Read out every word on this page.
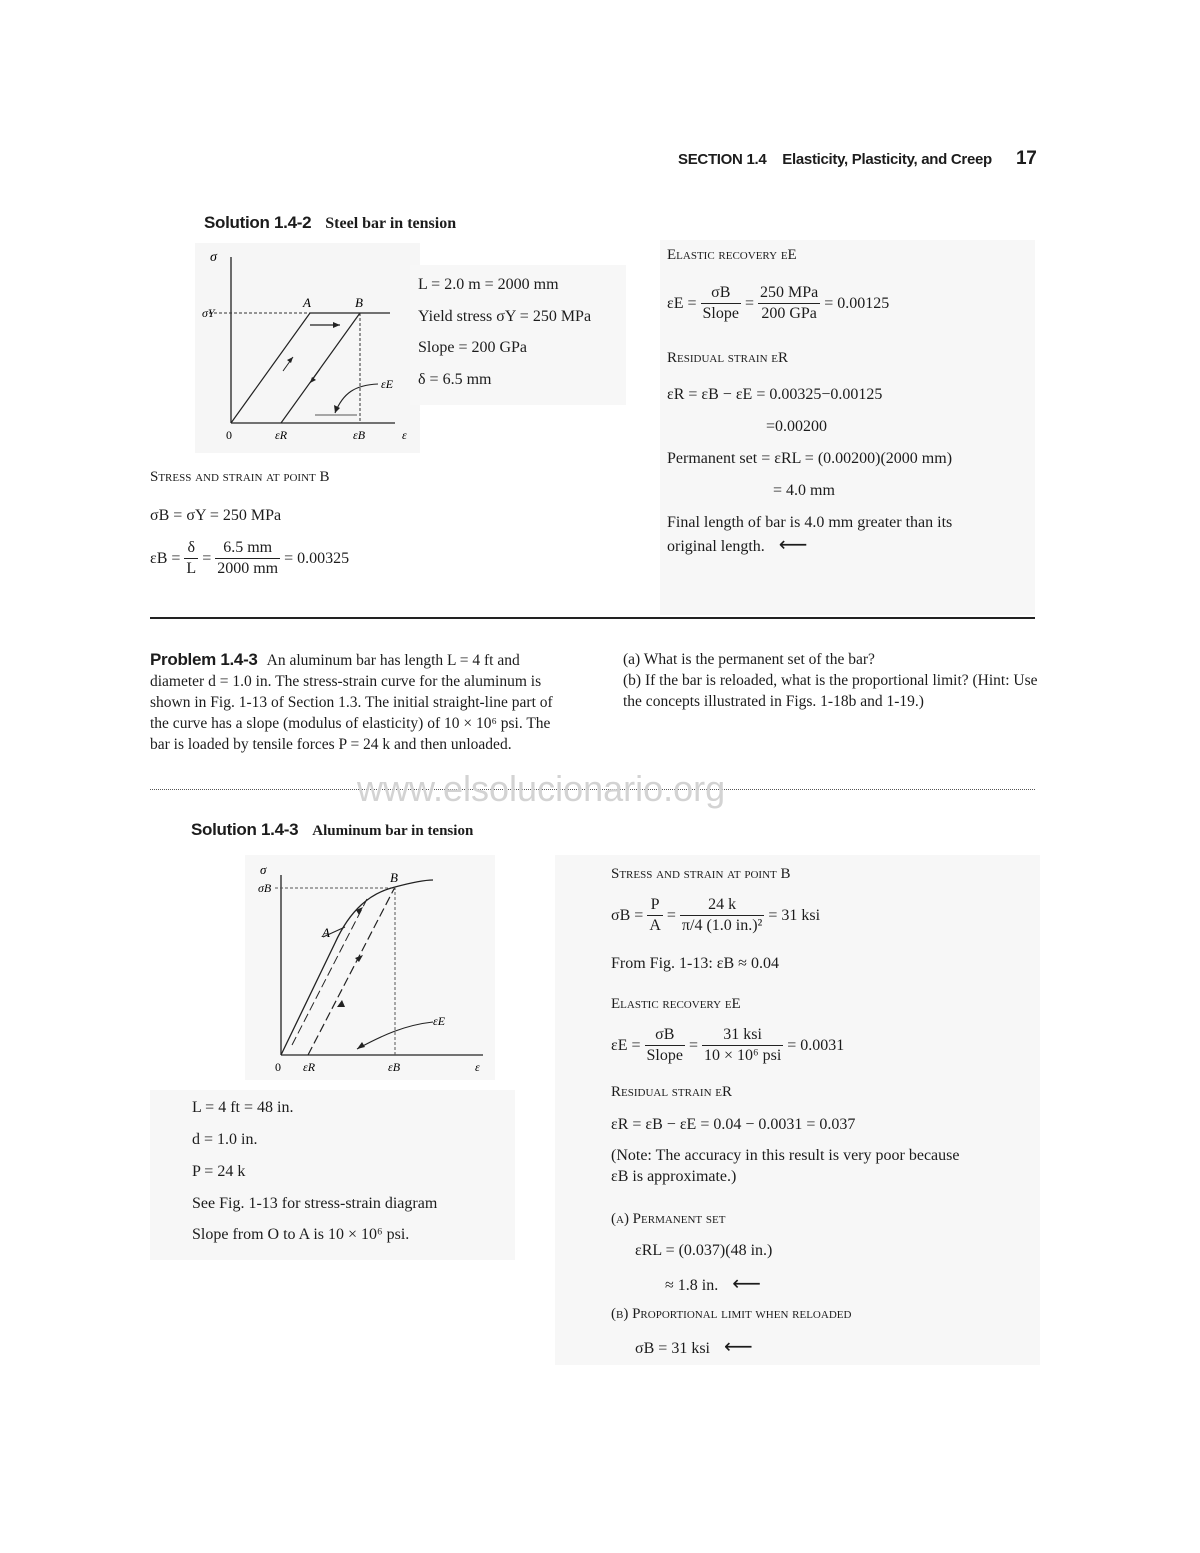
SECTION 1.4 Elasticity, Plasticity, and Creep 17
Solution 1.4-2 Steel bar in tension
σ
σY
A	B
εE
0	εR	εB	ε
L = 2.0 m = 2000 mm
Yield stress σY = 250 MPa
Slope = 200 GPa
δ = 6.5 mm
Stress and strain at point B
σB = σY = 250 MPa
$\varepsilon B = \frac{\delta}{L} = \frac{6.5 mm}{2000 mm} = 0.00325$
Elastic recovery εE
$\varepsilon E = \frac{\sigma B}{\text{Slope}} = \frac{\text{250 MPa}}{\text{200 GPa}} = 0.00125$
Residual strain εR
εR = εB − εE = 0.00325−0.00125
=0.00200
Permanent set = εRL = (0.00200)(2000 mm)
= 4.0 mm
Final length of bar is 4.0 mm greater than its
original length. ⟵
Problem 1.4-3 An aluminum bar has length L = 4 ft and diameter d = 1.0 in. The stress-strain curve for the aluminum is shown in Fig. 1-13 of Section 1.3. The initial straight-line part of the curve has a slope (modulus of elasticity) of 10 × 10⁶ psi. The bar is loaded by tensile forces P = 24 k and then unloaded.
(a) What is the permanent set of the bar?
(b) If the bar is reloaded, what is the proportional limit? (Hint: Use the concepts illustrated in Figs. 1-18b and 1-19.)
www.elsolucionario.org
Solution 1.4-3 Aluminum bar in tension
σ
σB
A
B
εE
0 εR	εB	ε
L = 4 ft = 48 in.
d = 1.0 in.
P = 24 k
See Fig. 1-13 for stress-strain diagram
Slope from O to A is 10 × 10⁶ psi.
Stress and strain at point B
$\sigma B = \frac{P}{A} = \frac{24 k}{\text{π/4 (1.0 in.)²}} = 31$ ksi
From Fig. 1-13: εB ≈ 0.04
Elastic recovery εE
$\varepsilon E = \frac{\sigma B}{\text{Slope}} = \frac{\text{31 ksi}}{\text{10 × 10⁶ psi}} = 0.0031$
Residual strain εR
εR = εB − εE = 0.04 − 0.0031 = 0.037
(Note: The accuracy in this result is very poor because
εB is approximate.)
(a) Permanent set
εRL = (0.037)(48 in.)
≈ 1.8 in. ⟵
(b) Proportional limit when reloaded
σB = 31 ksi ⟵
